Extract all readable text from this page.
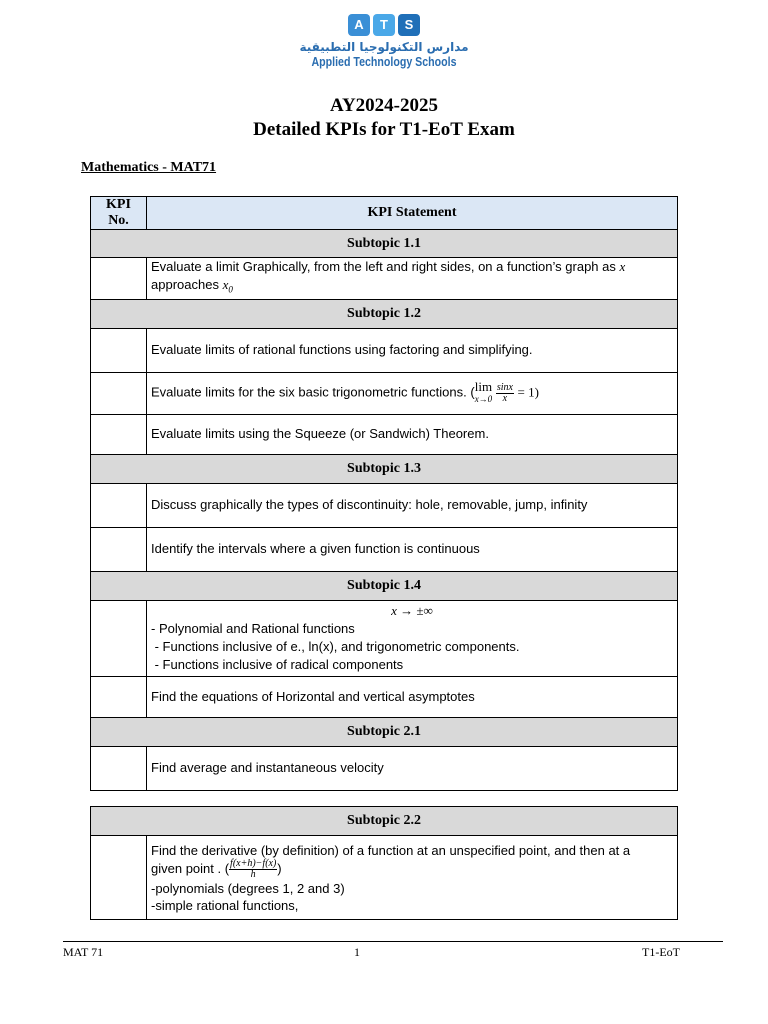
A	T	S
مدارس التكنولوجيا التطبيقية
Applied Technology Schools
AY2024-2025
Detailed KPIs for T1-EoT Exam
Mathematics - MAT71
KPI No.	KPI Statement
Subtopic 1.1	
	Evaluate a limit Graphically, from the left and right sides, on a function’s graph as x
approaches $x_0$
Subtopic 1.2	
	Evaluate limits of rational functions using factoring and simplifying.
	Evaluate limits for the six basic trigonometric functions. (lim
x→0
$\frac{\sin x}{x} = 1$)
	Evaluate limits using the Squeeze (or Sandwich) Theorem.
Subtopic 1.3	
	Discuss graphically the types of discontinuity: hole, removable, jump, infinity
	Identify the intervals where a given function is continuous
Subtopic 1.4	

	x → ±∞
- Polynomial and Rational functions
- Functions inclusive of e., ln(x), and trigonometric components.
- Functions inclusive of radical components

	Find the equations of Horizontal and vertical asymptotes
Subtopic 2.1	
	Find average and instantaneous velocity
Subtopic 2.2

Find the derivative (by definition) of a function at an unspecified point, and then at a
given point . ( $\frac{f(x+h)-f(x)}{h}$ )
-polynomials (degrees 1, 2 and 3)
-simple rational functions,
MAT 71	1	T1-EoT
